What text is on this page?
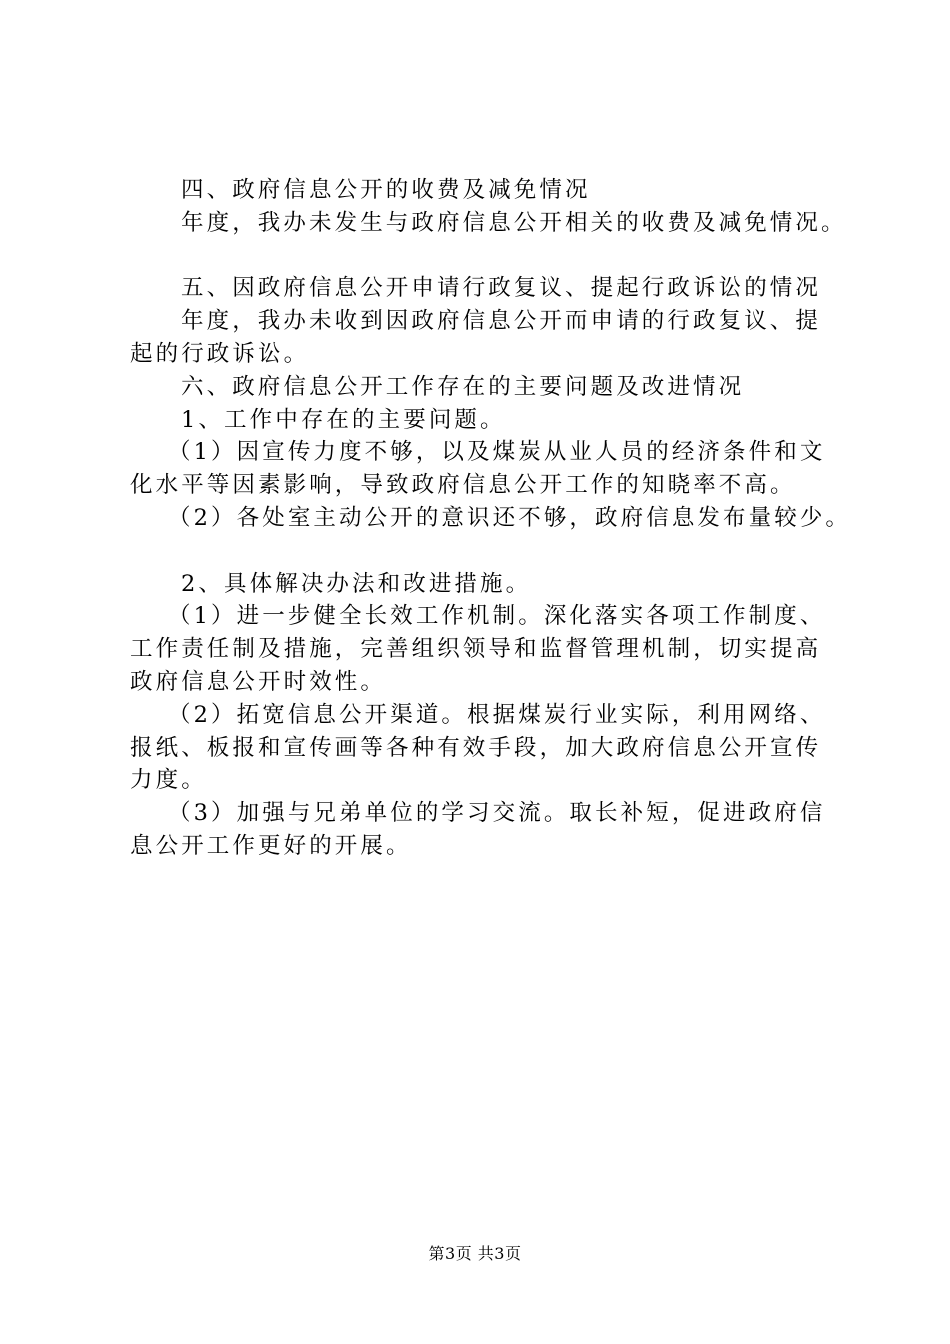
四、政府信息公开的收费及减免情况
年度，我办未发生与政府信息公开相关的收费及减免情况。
五、因政府信息公开申请行政复议、提起行政诉讼的情况
年度，我办未收到因政府信息公开而申请的行政复议、提
起的行政诉讼。
六、政府信息公开工作存在的主要问题及改进情况
1、工作中存在的主要问题。
（1）因宣传力度不够，以及煤炭从业人员的经济条件和文
化水平等因素影响，导致政府信息公开工作的知晓率不高。
（2）各处室主动公开的意识还不够，政府信息发布量较少。
2、具体解决办法和改进措施。
（1）进一步健全长效工作机制。深化落实各项工作制度、
工作责任制及措施，完善组织领导和监督管理机制，切实提高
政府信息公开时效性。
（2）拓宽信息公开渠道。根据煤炭行业实际，利用网络、
报纸、板报和宣传画等各种有效手段，加大政府信息公开宣传
力度。
（3）加强与兄弟单位的学习交流。取长补短，促进政府信
息公开工作更好的开展。
第3页 共3页
